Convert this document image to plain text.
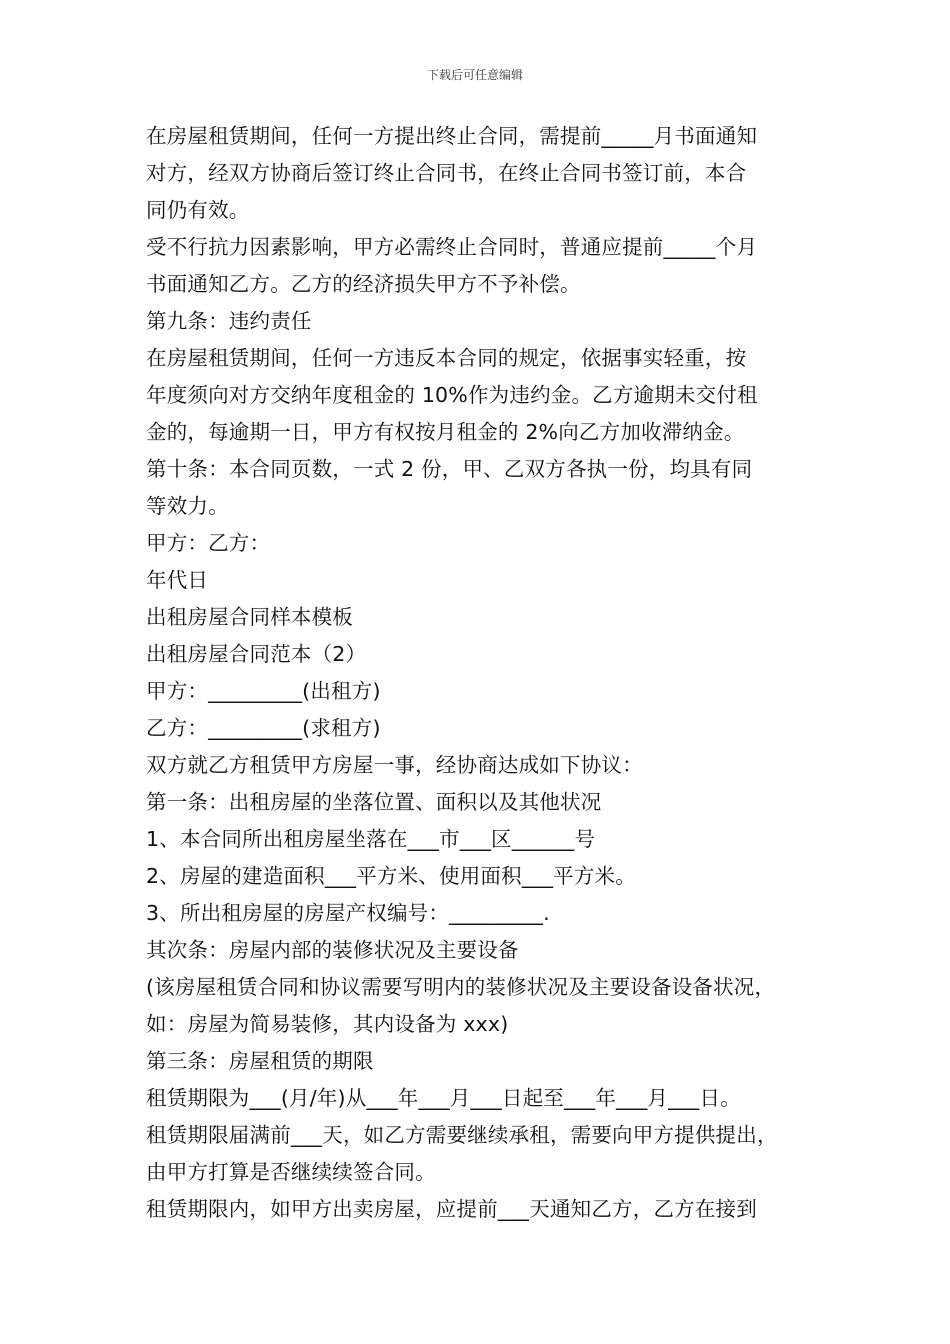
下载后可任意编辑
在房屋租赁期间，任何一方提出终止合同，需提前_____月书面通知
对方，经双方协商后签订终止合同书，在终止合同书签订前，本合
同仍有效。
受不行抗力因素影响，甲方必需终止合同时，普通应提前_____个月
书面通知乙方。乙方的经济损失甲方不予补偿。
第九条：违约责任
在房屋租赁期间，任何一方违反本合同的规定，依据事实轻重，按
年度须向对方交纳年度租金的 10%作为违约金。乙方逾期未交付租
金的，每逾期一日，甲方有权按月租金的 2%向乙方加收滞纳金。
第十条：本合同页数，一式 2 份，甲、乙双方各执一份，均具有同
等效力。
甲方：乙方：
年代日
出租房屋合同样本模板
出租房屋合同范本（2）
甲方：_________(出租方)
乙方：_________(求租方)
双方就乙方租赁甲方房屋一事，经协商达成如下协议：
第一条：出租房屋的坐落位置、面积以及其他状况
1、本合同所出租房屋坐落在___市___区______号
2、房屋的建造面积___平方米、使用面积___平方米。
3、所出租房屋的房屋产权编号：_________.
其次条：房屋内部的装修状况及主要设备
(该房屋租赁合同和协议需要写明内的装修状况及主要设备设备状况，
如：房屋为简易装修，其内设备为 xxx)
第三条：房屋租赁的期限
租赁期限为___(月/年)从___年___月___日起至___年___月___日。
租赁期限届满前___天，如乙方需要继续承租，需要向甲方提供提出，
由甲方打算是否继续续签合同。
租赁期限内，如甲方出卖房屋，应提前___天通知乙方，乙方在接到
